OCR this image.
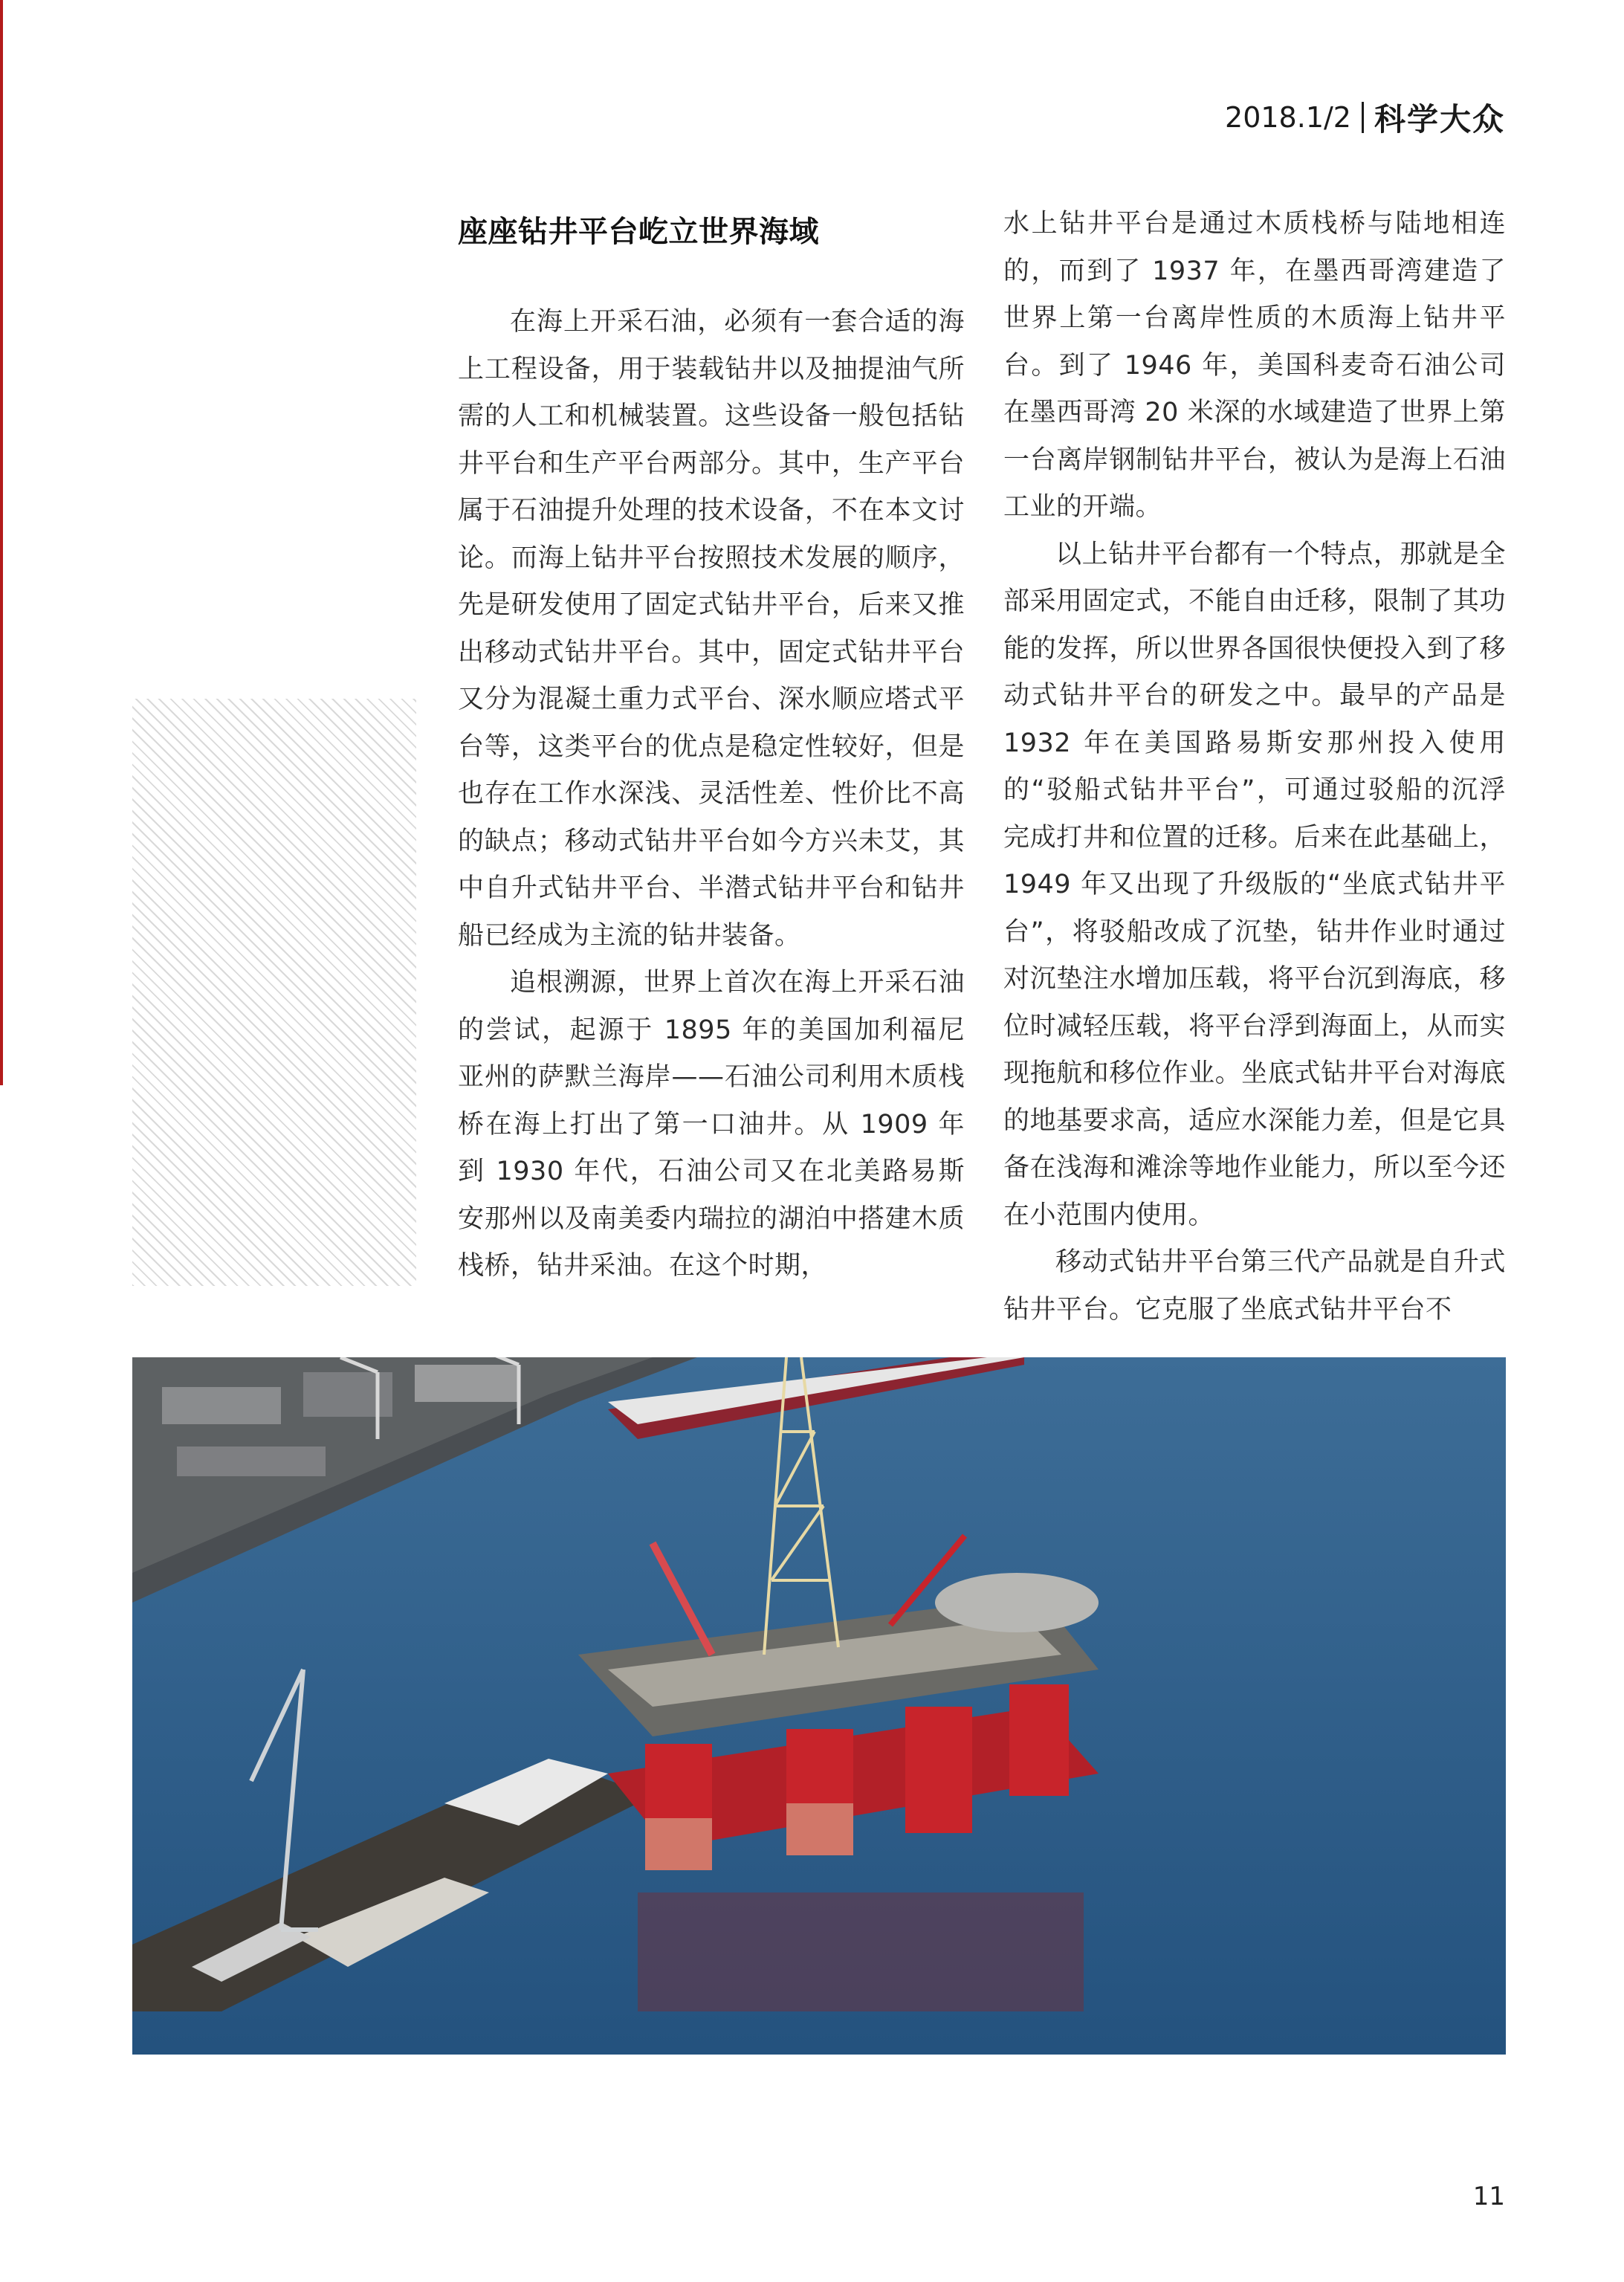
2018.1/2 科学大众
座座钻井平台屹立世界海域

在海上开采石油，必须有一套合适的海上工程设备，用于装载钻井以及抽提油气所需的人工和机械装置。这些设备一般包括钻井平台和生产平台两部分。其中，生产平台属于石油提升处理的技术设备，不在本文讨论。而海上钻井平台按照技术发展的顺序，先是研发使用了固定式钻井平台，后来又推出移动式钻井平台。其中，固定式钻井平台又分为混凝土重力式平台、深水顺应塔式平台等，这类平台的优点是稳定性较好，但是也存在工作水深浅、灵活性差、性价比不高的缺点；移动式钻井平台如今方兴未艾，其中自升式钻井平台、半潜式钻井平台和钻井船已经成为主流的钻井装备。

追根溯源，世界上首次在海上开采石油的尝试，起源于 1895 年的美国加利福尼亚州的萨默兰海岸——石油公司利用木质栈桥在海上打出了第一口油井。从 1909 年到 1930 年代，石油公司又在北美路易斯安那州以及南美委内瑞拉的湖泊中搭建木质栈桥，钻井采油。在这个时期，

水上钻井平台是通过木质栈桥与陆地相连的，而到了 1937 年，在墨西哥湾建造了世界上第一台离岸性质的木质海上钻井平台。到了 1946 年，美国科麦奇石油公司在墨西哥湾 20 米深的水域建造了世界上第一台离岸钢制钻井平台，被认为是海上石油工业的开端。

以上钻井平台都有一个特点，那就是全部采用固定式，不能自由迁移，限制了其功能的发挥，所以世界各国很快便投入到了移动式钻井平台的研发之中。最早的产品是 1932 年在美国路易斯安那州投入使用的“驳船式钻井平台”，可通过驳船的沉浮完成打井和位置的迁移。后来在此基础上，1949 年又出现了升级版的“坐底式钻井平台”，将驳船改成了沉垫，钻井作业时通过对沉垫注水增加压载，将平台沉到海底，移位时减轻压载，将平台浮到海面上，从而实现拖航和移位作业。坐底式钻井平台对海底的地基要求高，适应水深能力差，但是它具备在浅海和滩涂等地作业能力，所以至今还在小范围内使用。

移动式钻井平台第三代产品就是自升式钻井平台。它克服了坐底式钻井平台不

11
